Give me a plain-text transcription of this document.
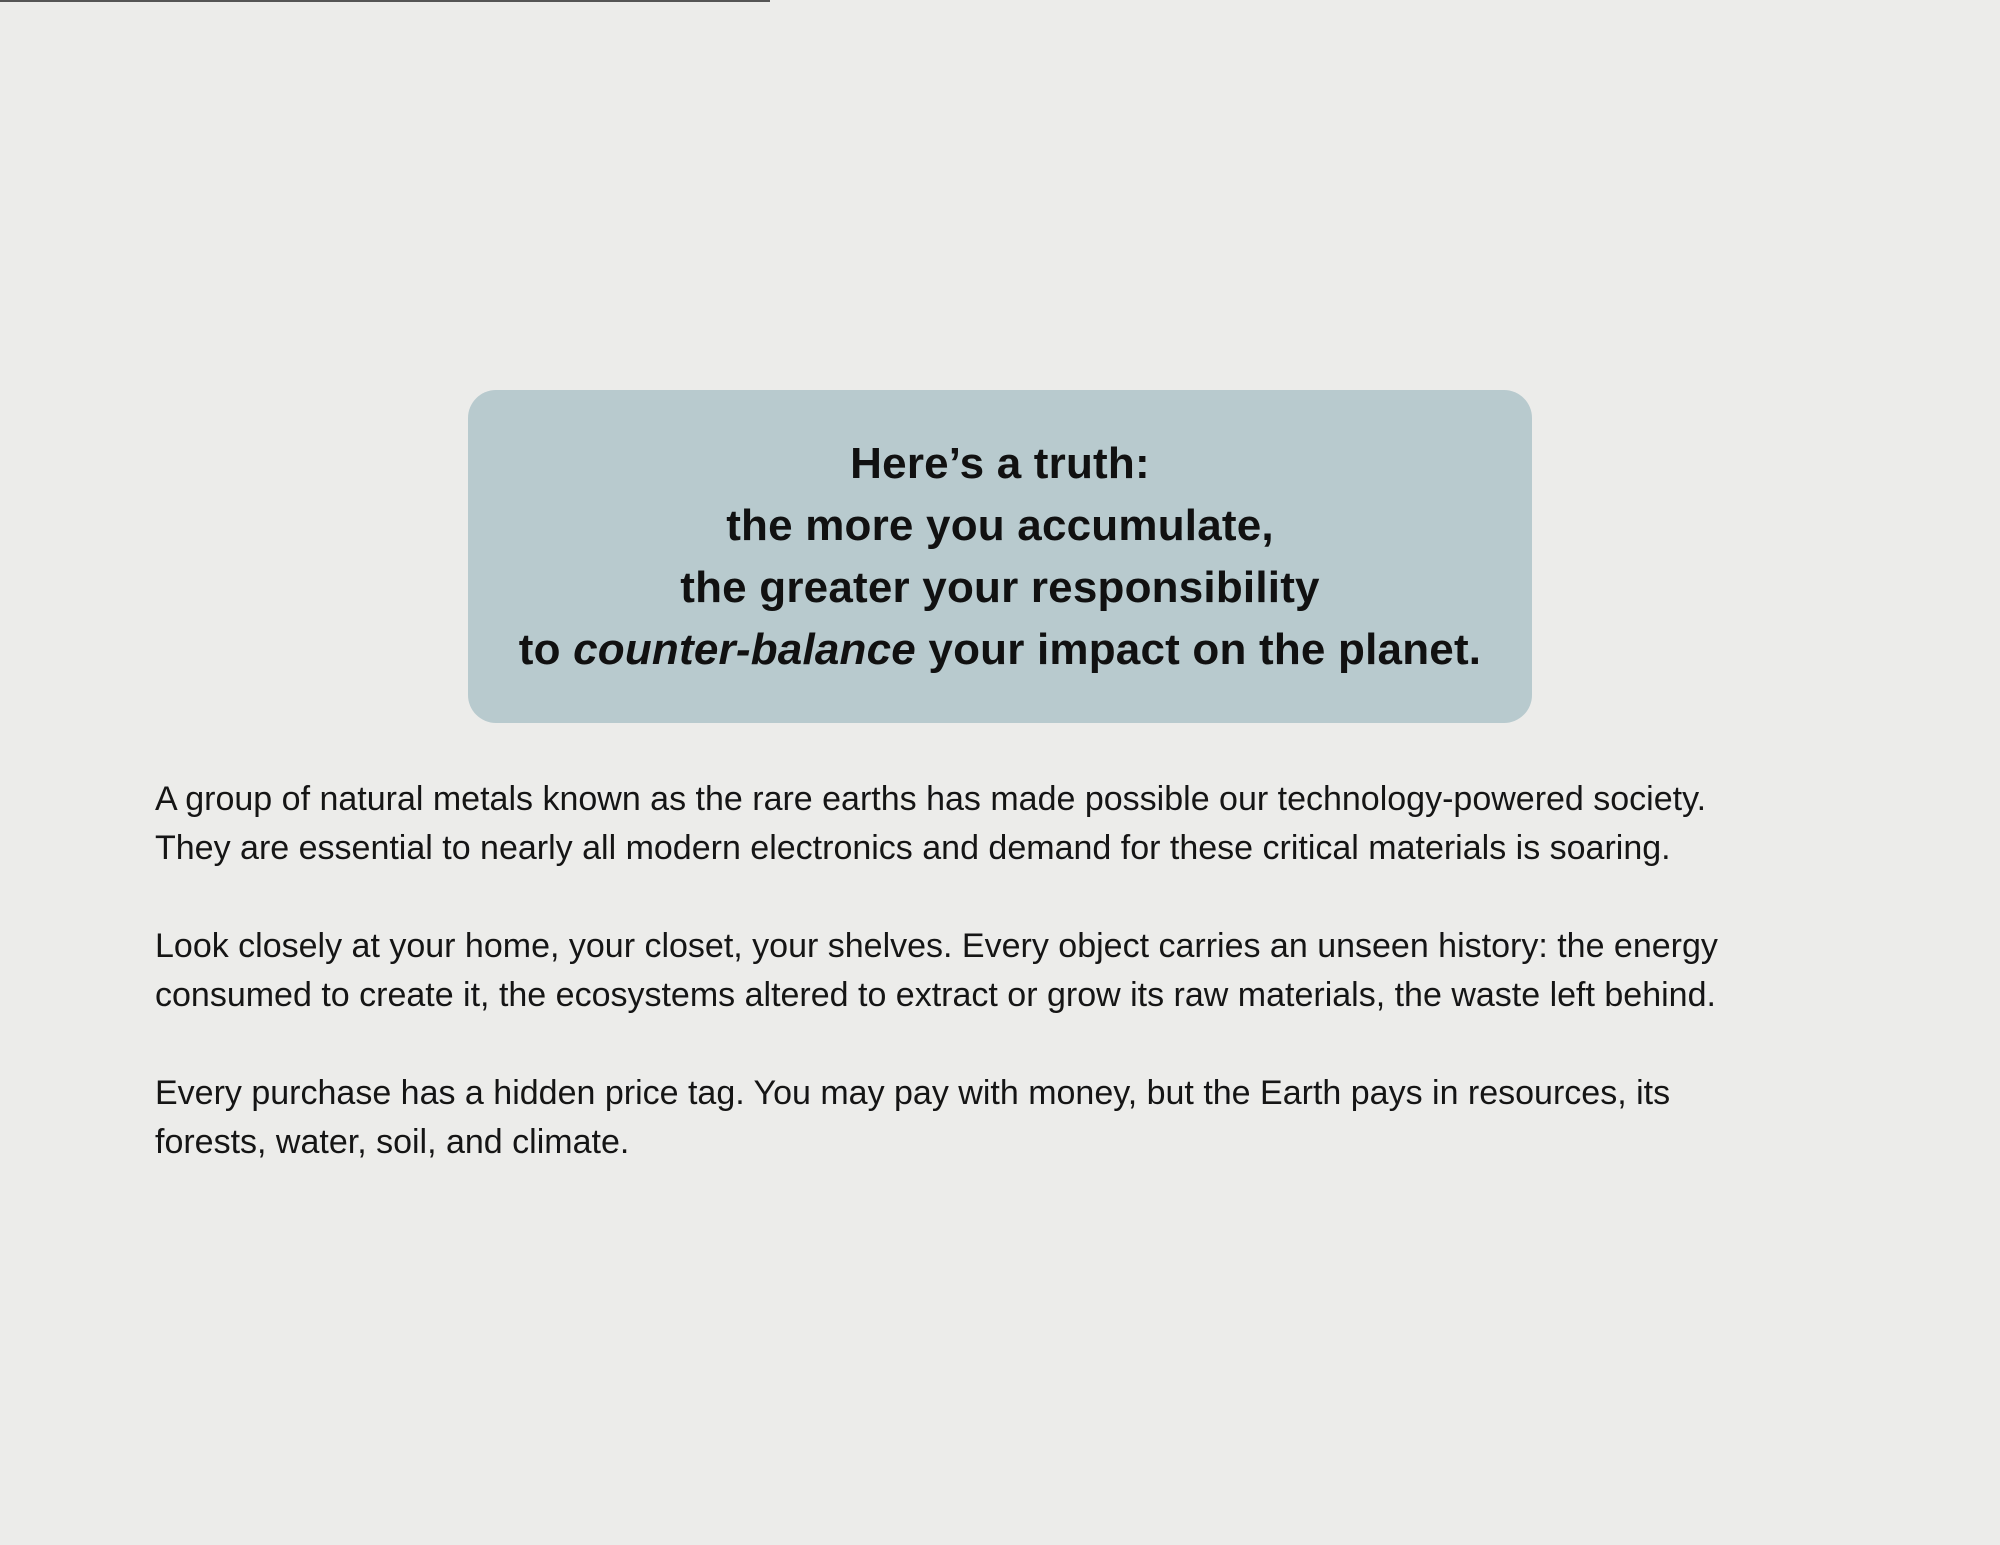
Here’s a truth:
the more you accumulate,
the greater your responsibility
to counter-balance your impact on the planet.

A group of natural metals known as the rare earths has made possible our technology-powered society.
They are essential to nearly all modern electronics and demand for these critical materials is soaring.

Look closely at your home, your closet, your shelves. Every object carries an unseen history: the energy
consumed to create it, the ecosystems altered to extract or grow its raw materials, the waste left behind.

Every purchase has a hidden price tag. You may pay with money, but the Earth pays in resources, its
forests, water, soil, and climate.
